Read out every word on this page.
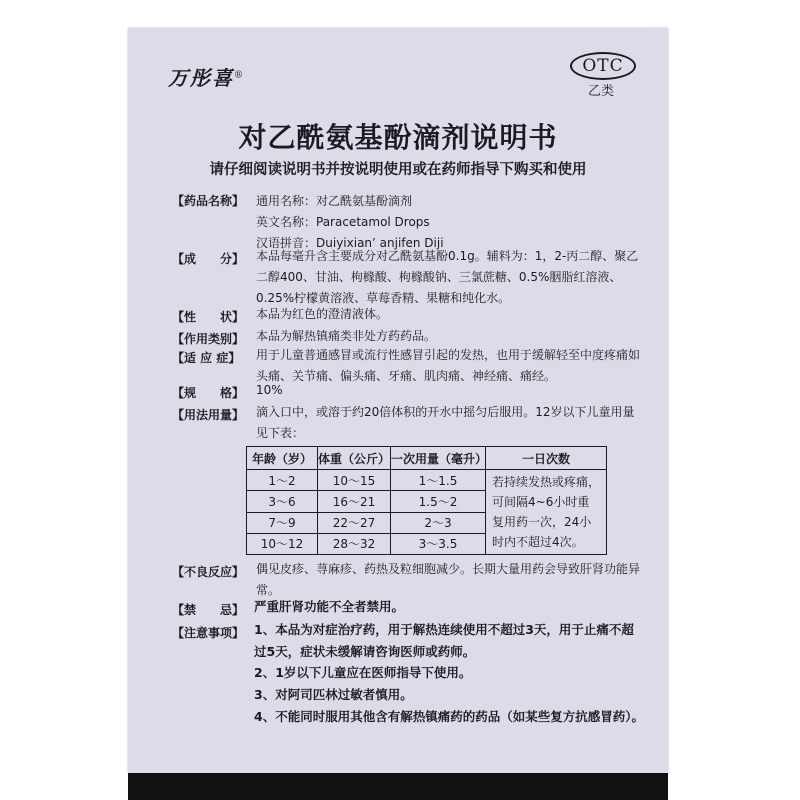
万彤喜®	OTC
乙类
对乙酰氨基酚滴剂说明书
请仔细阅读说明书并按说明使用或在药师指导下购买和使用
【药品名称】 通用名称：对乙酰氨基酚滴剂
英文名称：Paracetamol Drops
汉语拼音：Duiyixian’ anjifen Diji
【成　　分】 本品每毫升含主要成分对乙酰氨基酚0.1g。辅料为：1，2-丙二醇、聚乙二醇400、甘油、枸橼酸、枸橼酸钠、三氯蔗糖、0.5%胭脂红溶液、0.25%柠檬黄溶液、草莓香精、果糖和纯化水。
【性　　状】 本品为红色的澄清液体。
【作用类别】 本品为解热镇痛类非处方药药品。
【适 应 症】	用于儿童普通感冒或流行性感冒引起的发热，也用于缓解轻至中度疼痛如头痛、关节痛、偏头痛、牙痛、肌肉痛、神经痛、痛经。
【规　　格】 10%
【用法用量】 滴入口中，或溶于约20倍体积的开水中摇匀后服用。12岁以下儿童用量见下表：
年龄（岁）	体重（公斤）	一次用量（毫升）	一日次数
1～2	10～15	1～1.5	若持续发热或疼痛，可间隔4~6小时重复用药一次，24小时内不超过4次。
3～6	16～21	1.5～2	
7～9	22～27	2～3	
10～12	28～32	3～3.5	
【不良反应】 偶见皮疹、荨麻疹、药热及粒细胞减少。长期大量用药会导致肝肾功能异常。
【禁　　忌】 严重肝肾功能不全者禁用。
【注意事项】 1、本品为对症治疗药，用于解热连续使用不超过3天，用于止痛不超过5天，症状未缓解请咨询医师或药师。
2、1岁以下儿童应在医师指导下使用。
3、对阿司匹林过敏者慎用。
4、不能同时服用其他含有解热镇痛药的药品（如某些复方抗感冒药）。
